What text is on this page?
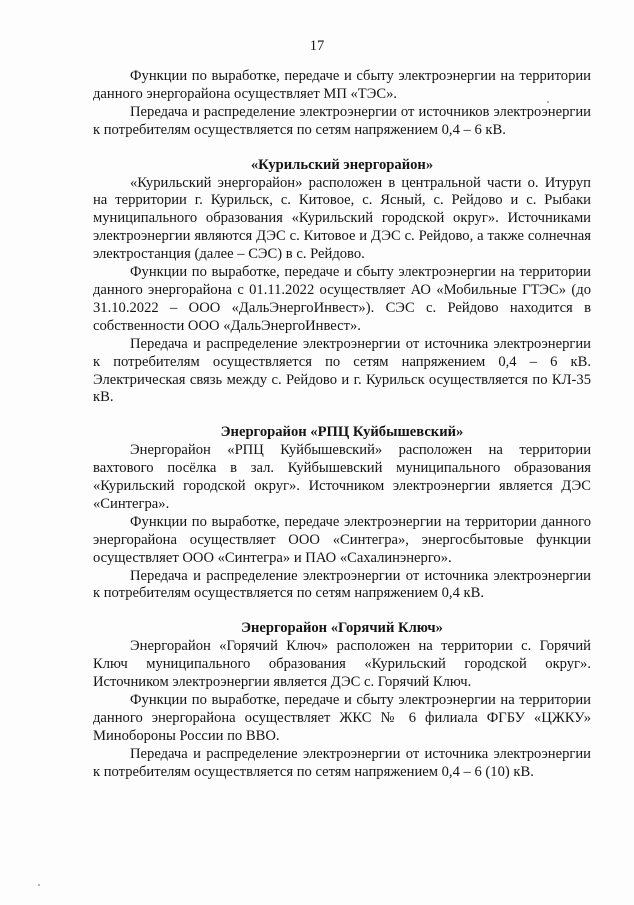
17

Функции по выработке, передаче и сбыту электроэнергии на территории данного энергорайона осуществляет МП «ТЭС».

Передача и распределение электроэнергии от источников электроэнергии к потребителям осуществляется по сетям напряжением 0,4 – 6 кВ.

«Курильский энергорайон»

«Курильский энергорайон» расположен в центральной части о. Итуруп на территории г. Курильск, с. Китовое, с. Ясный, с. Рейдово и с. Рыбаки муниципального образования «Курильский городской округ». Источниками электроэнергии являются ДЭС с. Китовое и ДЭС с. Рейдово, а также солнечная электростанция (далее – СЭС) в с. Рейдово.

Функции по выработке, передаче и сбыту электроэнергии на территории данного энергорайона с 01.11.2022 осуществляет АО «Мобильные ГТЭС» (до 31.10.2022 – ООО «ДальЭнергоИнвест»). СЭС с. Рейдово находится в собственности ООО «ДальЭнергоИнвест».

Передача и распределение электроэнергии от источника электроэнергии к потребителям осуществляется по сетям напряжением 0,4 – 6 кВ. Электрическая связь между с. Рейдово и г. Курильск осуществляется по КЛ-35 кВ.

Энергорайон «РПЦ Куйбышевский»

Энергорайон «РПЦ Куйбышевский» расположен на территории вахтового посёлка в зал. Куйбышевский муниципального образования «Курильский городской округ». Источником электроэнергии является ДЭС «Синтегра».

Функции по выработке, передаче электроэнергии на территории данного энергорайона осуществляет ООО «Синтегра», энергосбытовые функции осуществляет ООО «Синтегра» и ПАО «Сахалинэнерго».

Передача и распределение электроэнергии от источника электроэнергии к потребителям осуществляется по сетям напряжением 0,4 кВ.

Энергорайон «Горячий Ключ»

Энергорайон «Горячий Ключ» расположен на территории с. Горячий Ключ муниципального образования «Курильский городской округ». Источником электроэнергии является ДЭС с. Горячий Ключ.

Функции по выработке, передаче и сбыту электроэнергии на территории данного энергорайона осуществляет ЖКС № 6 филиала ФГБУ «ЦЖКУ» Минобороны России по ВВО.

Передача и распределение электроэнергии от источника электроэнергии к потребителям осуществляется по сетям напряжением 0,4 – 6 (10) кВ.
